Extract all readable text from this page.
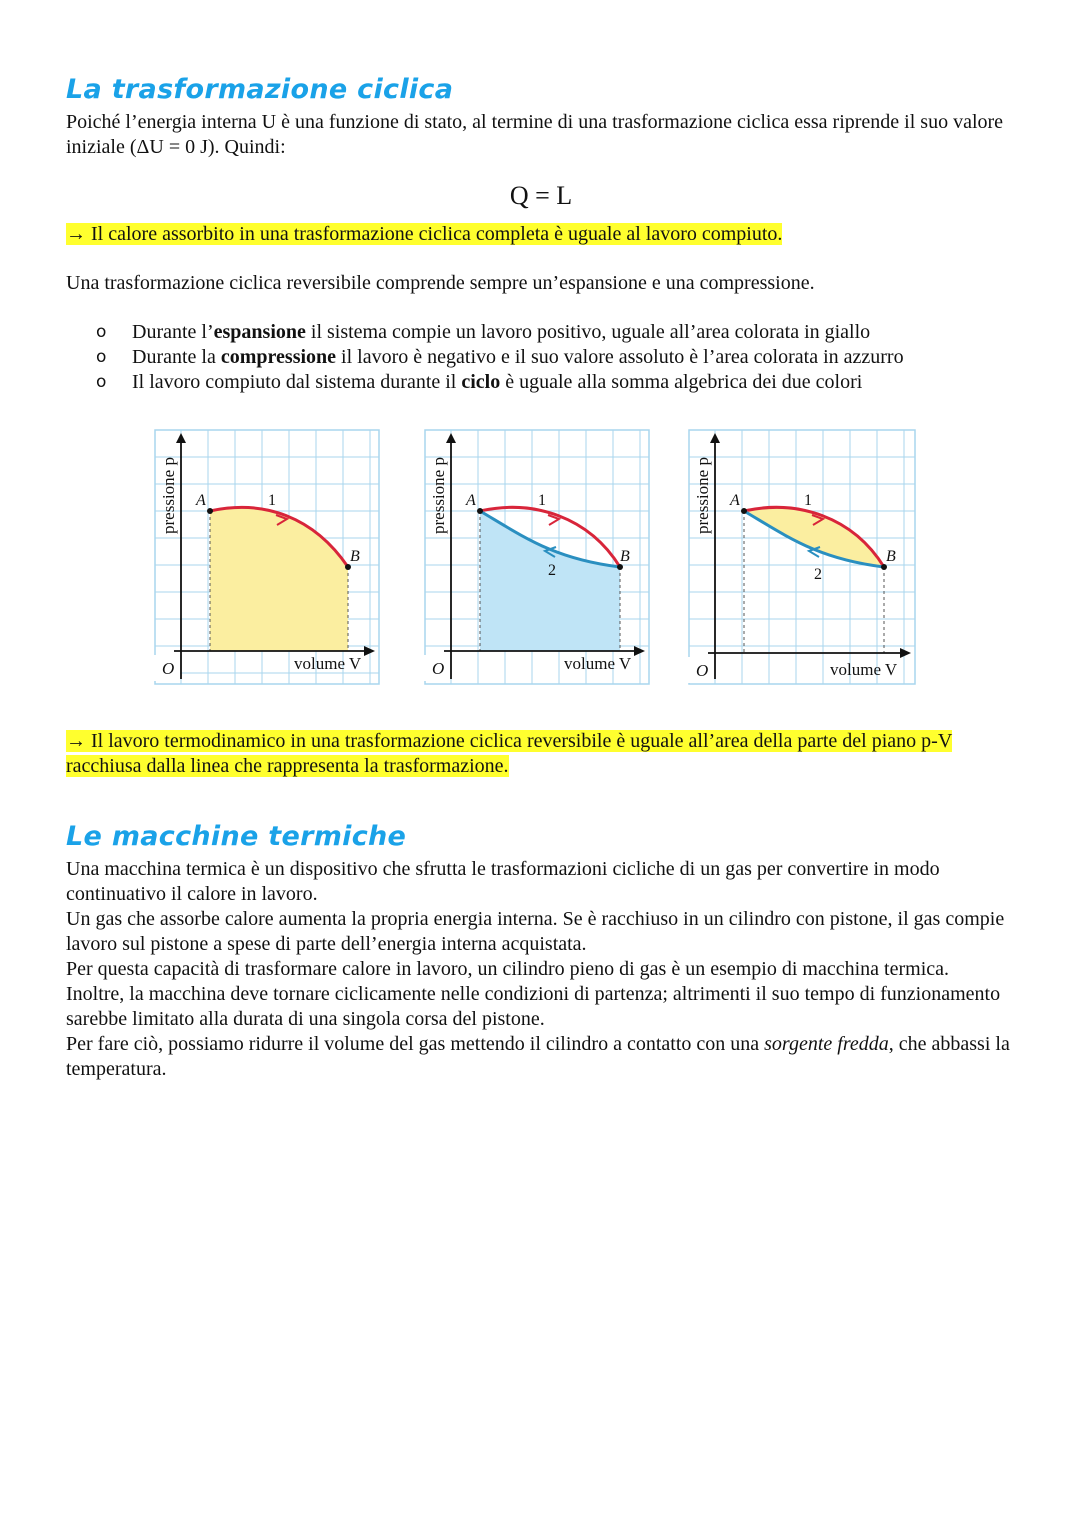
La trasformazione ciclica

Poiché l’energia interna U è una funzione di stato, al termine di una trasformazione ciclica essa riprende il suo valore iniziale (ΔU = 0 J). Quindi:

Q = L

→ Il calore assorbito in una trasformazione ciclica completa è uguale al lavoro compiuto.

Una trasformazione ciclica reversibile comprende sempre un’espansione e una compressione.

o Durante l’espansione il sistema compie un lavoro positivo, uguale all’area colorata in giallo
o Durante la compressione il lavoro è negativo e il suo valore assoluto è l’area colorata in azzurro
o Il lavoro compiuto dal sistema durante il ciclo è uguale alla somma algebrica dei due colori
pressione p
volume V
O
A
B
1	pressione p
volume V
O
A
B
1
2
pressione p
volume V
O
A
B
1
2

→ Il lavoro termodinamico in una trasformazione ciclica reversibile è uguale all’area della parte del piano p-V racchiusa dalla linea che rappresenta la trasformazione.

Le macchine termiche

Una macchina termica è un dispositivo che sfrutta le trasformazioni cicliche di un gas per convertire in modo continuativo il calore in lavoro.

Un gas che assorbe calore aumenta la propria energia interna. Se è racchiuso in un cilindro con pistone, il gas compie lavoro sul pistone a spese di parte dell’energia interna acquistata.

Per questa capacità di trasformare calore in lavoro, un cilindro pieno di gas è un esempio di macchina termica.

Inoltre, la macchina deve tornare ciclicamente nelle condizioni di partenza; altrimenti il suo tempo di funzionamento sarebbe limitato alla durata di una singola corsa del pistone.

Per fare ciò, possiamo ridurre il volume del gas mettendo il cilindro a contatto con una sorgente fredda, che abbassi la temperatura.
